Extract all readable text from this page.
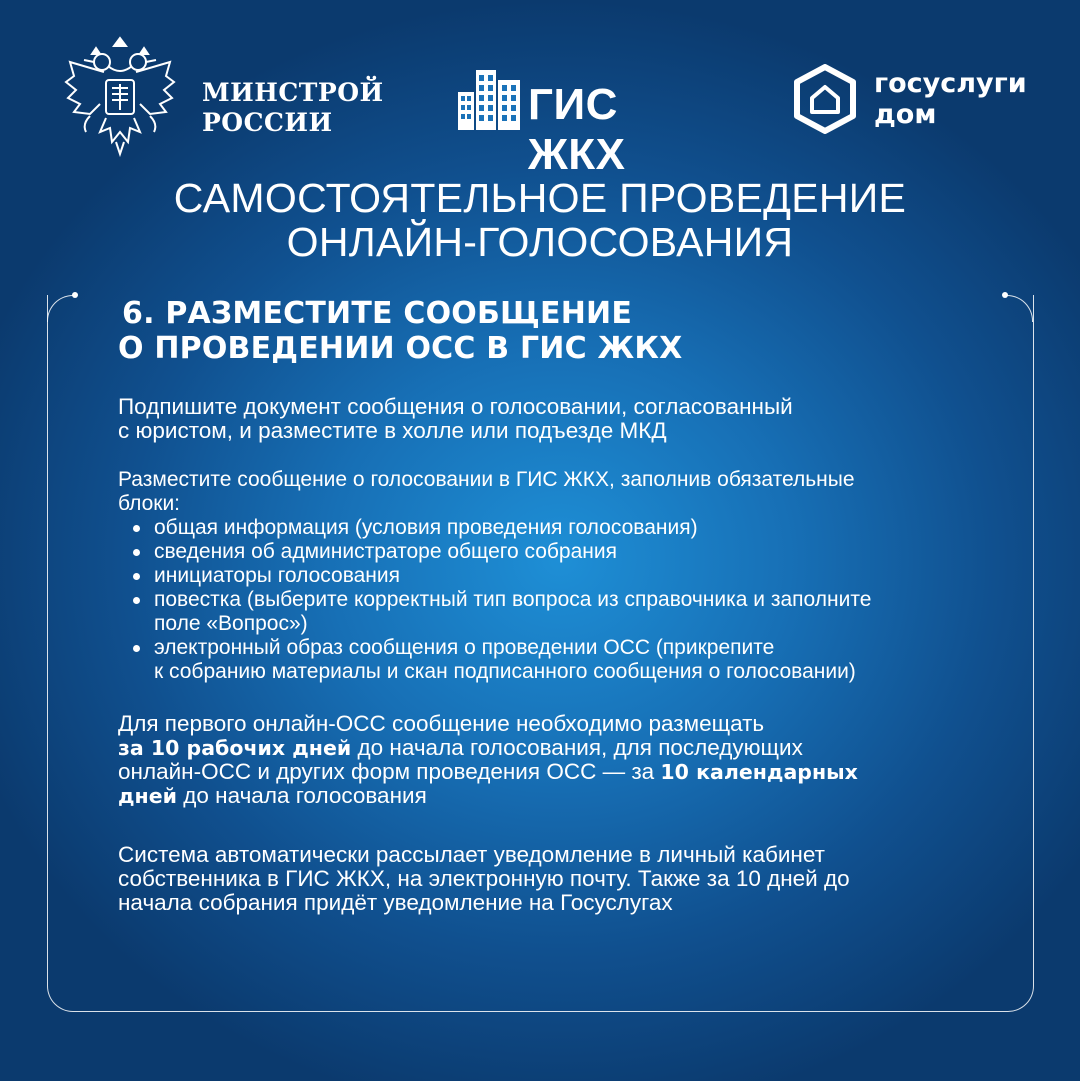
МИНСТРОЙ
РОССИИ	ГИС ЖКХ
госуслуги
дом
САМОСТОЯТЕЛЬНОЕ ПРОВЕДЕНИЕ
ОНЛАЙН-ГОЛОСОВАНИЯ
6. РАЗМЕСТИТЕ СООБЩЕНИЕ
О ПРОВЕДЕНИИ ОСС В ГИС ЖКХ
Подпишите документ сообщения о голосовании, согласованный
с юристом, и разместите в холле или подъезде МКД
Разместите сообщение о голосовании в ГИС ЖКХ, заполнив обязательные
блоки:
общая информация (условия проведения голосования)
сведения об администраторе общего собрания
инициаторы голосования
повестка (выберите корректный тип вопроса из справочника и заполните
поле «Вопрос»)
электронный образ сообщения о проведении ОСС (прикрепите
к собранию материалы и скан подписанного сообщения о голосовании)
Для первого онлайн-ОСС сообщение необходимо размещать
за 10 рабочих дней до начала голосования, для последующих
онлайн-ОСС и других форм проведения ОСС — за 10 календарных
дней до начала голосования
Система автоматически рассылает уведомление в личный кабинет
собственника в ГИС ЖКХ, на электронную почту. Также за 10 дней до
начала собрания придёт уведомление на Госуслугах
